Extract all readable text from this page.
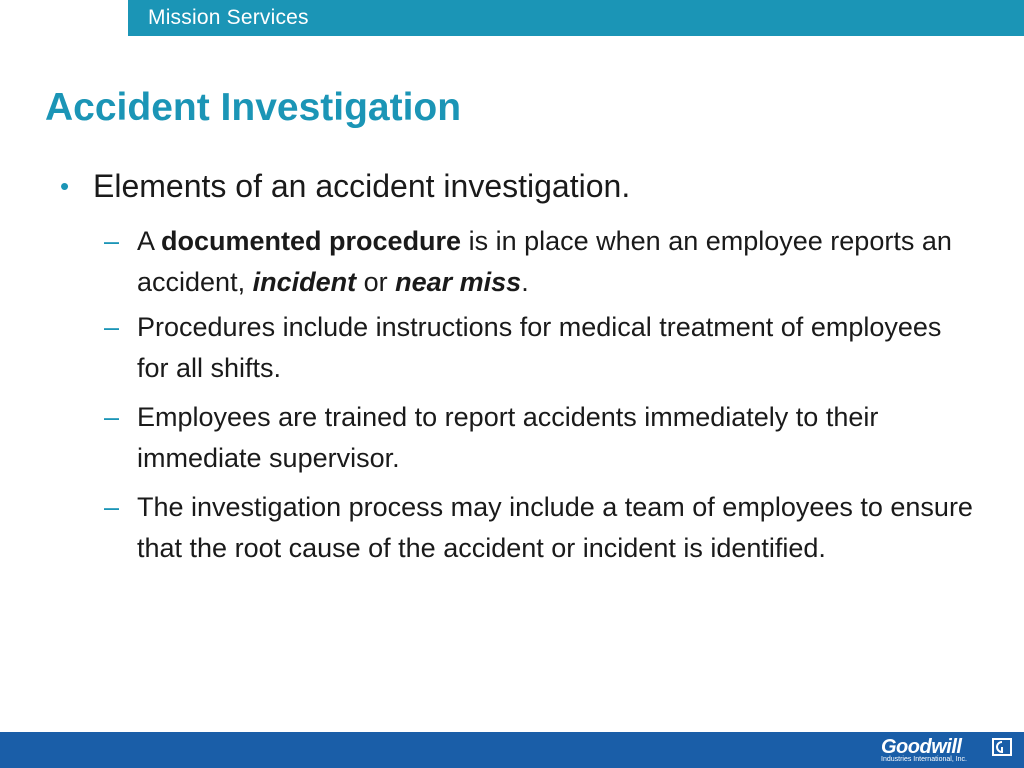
Mission Services
Accident Investigation
• Elements of an accident investigation.
– A documented procedure is in place when an employee reports an accident, incident or near miss.
– Procedures include instructions for medical treatment of employees for all shifts.
– Employees are trained to report accidents immediately to their immediate supervisor.
– The investigation process may include a team of employees to ensure that the root cause of the accident or incident is identified.
Goodwill
Industries International, Inc.
